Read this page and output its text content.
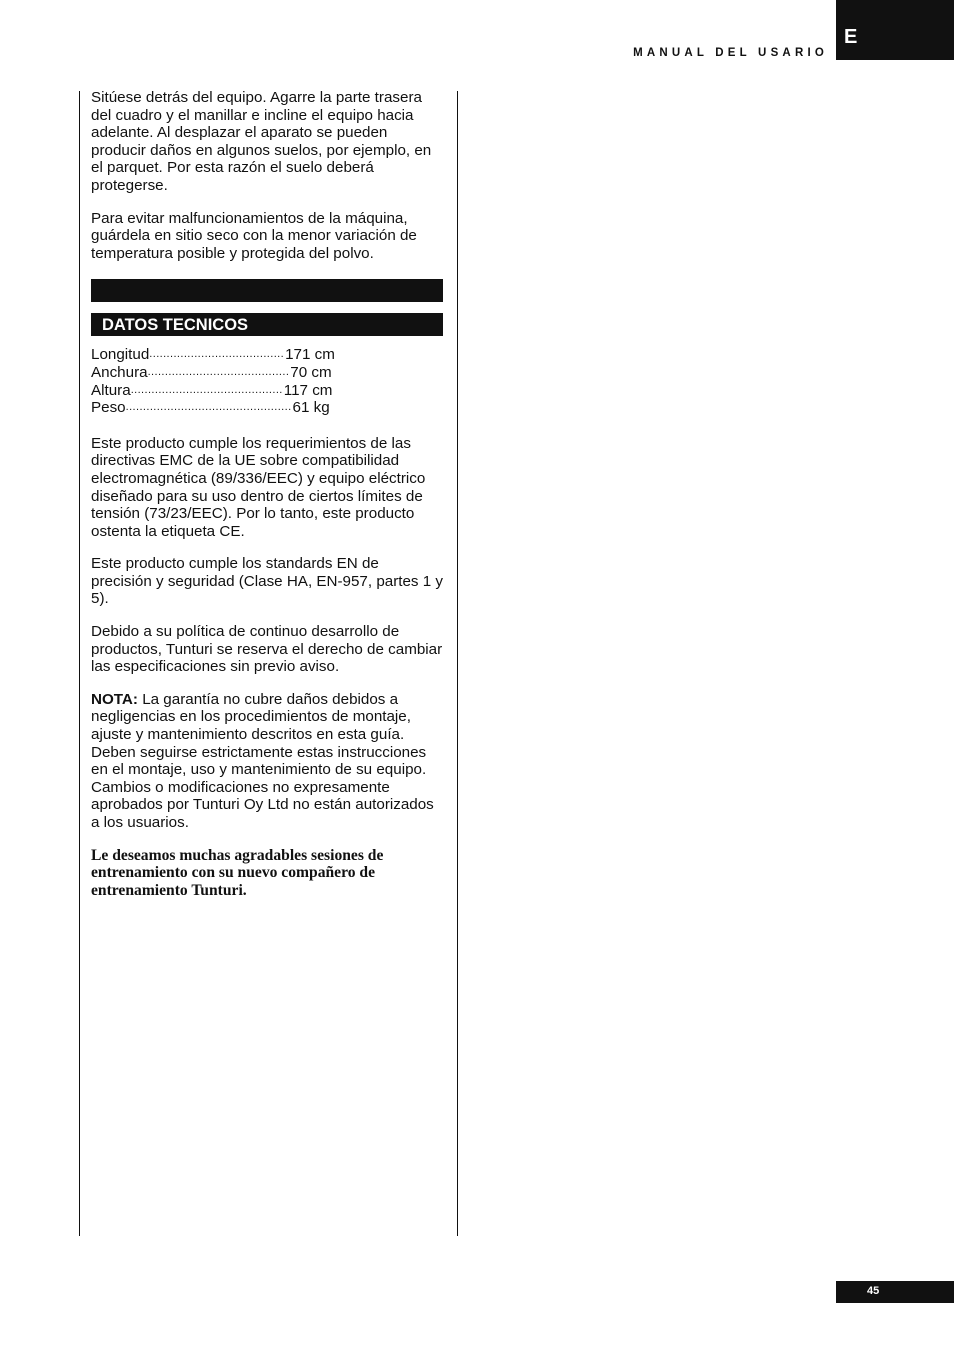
MANUAL DEL USARIO
E

Sitúese detrás del equipo. Agarre la parte trasera del cuadro y el manillar e incline el equipo hacia adelante. Al desplazar el aparato se pueden producir daños en algunos suelos, por ejemplo, en el parquet. Por esta razón el suelo deberá protegerse.

Para evitar malfuncionamientos de la máquina, guárdela en sitio seco con la menor variación de temperatura posible y protegida del polvo.

DATOS TECNICOS
Longitud ....................................... 171 cm
Anchura ......................................... 70 cm
Altura ............................................ 117 cm
Peso ................................................ 61 kg

Este producto cumple los requerimientos de las directivas EMC de la UE sobre compatibilidad electromagnética (89/336/EEC) y equipo eléctrico diseñado para su uso dentro de ciertos límites de tensión (73/23/EEC). Por lo tanto, este producto ostenta la etiqueta CE.

Este producto cumple los standards EN de precisión y seguridad (Clase HA, EN-957, partes 1 y 5).

Debido a su política de continuo desarrollo de productos, Tunturi se reserva el derecho de cambiar las especificaciones sin previo aviso.

NOTA: La garantía no cubre daños debidos a negligencias en los procedimientos de montaje, ajuste y mantenimiento descritos en esta guía. Deben seguirse estrictamente estas instrucciones en el montaje, uso y mantenimiento de su equipo. Cambios o modificaciones no expresamente aprobados por Tunturi Oy Ltd no están autorizados a los usuarios.

Le deseamos muchas agradables sesiones de entrenamiento con su nuevo compañero de entrenamiento Tunturi.

45
